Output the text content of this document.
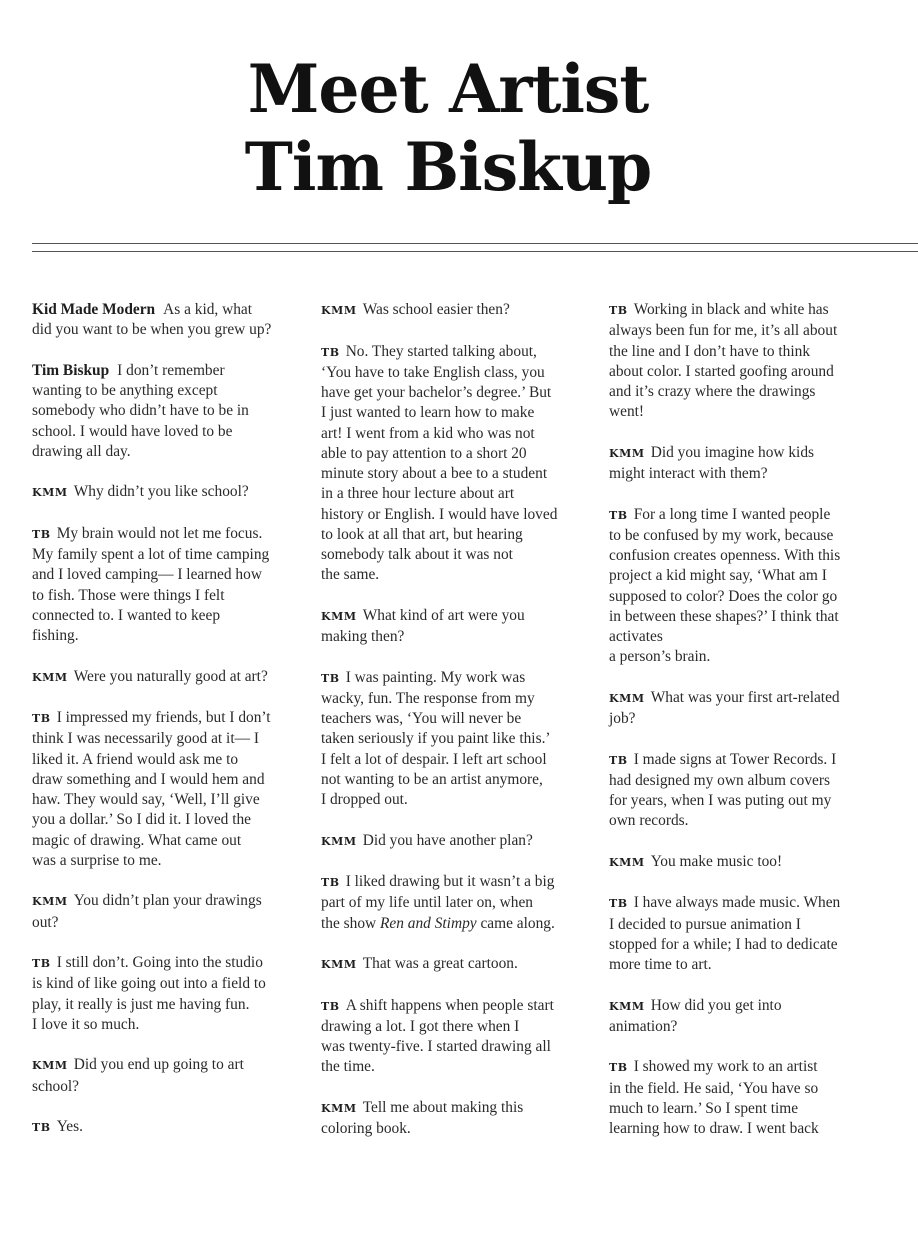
Meet Artist
Tim Biskup
Kid Made Modern As a kid, what
did you want to be when you grew up?
Tim Biskup I don’t remember
wanting to be anything except
somebody who didn’t have to be in
school. I would have loved to be
drawing all day.
KMM Why didn’t you like school?
TB My brain would not let me focus.
My family spent a lot of time camping
and I loved camping— I learned how
to fish. Those were things I felt
connected to. I wanted to keep
fishing.
KMM Were you naturally good at art?
TB I impressed my friends, but I don’t
think I was necessarily good at it— I
liked it. A friend would ask me to
draw something and I would hem and
haw. They would say, ‘Well, I’ll give
you a dollar.’ So I did it. I loved the
magic of drawing. What came out
was a surprise to me.
KMM You didn’t plan your drawings
out?
TB I still don’t. Going into the studio
is kind of like going out into a field to
play, it really is just me having fun.
I love it so much.
KMM Did you end up going to art
school?
TB Yes.
KMM Was school easier then?
TB No. They started talking about,
‘You have to take English class, you
have get your bachelor’s degree.’ But
I just wanted to learn how to make
art! I went from a kid who was not
able to pay attention to a short 20
minute story about a bee to a student
in a three hour lecture about art
history or English. I would have loved
to look at all that art, but hearing
somebody talk about it was not
the same.
KMM What kind of art were you
making then?
TB I was painting. My work was
wacky, fun. The response from my
teachers was, ‘You will never be
taken seriously if you paint like this.’
I felt a lot of despair. I left art school
not wanting to be an artist anymore,
I dropped out.
KMM Did you have another plan?
TB I liked drawing but it wasn’t a big
part of my life until later on, when
the show Ren and Stimpy came along.
KMM That was a great cartoon.
TB A shift happens when people start
drawing a lot. I got there when I
was twenty-five. I started drawing all
the time.
KMM Tell me about making this
coloring book.
TB Working in black and white has
always been fun for me, it’s all about
the line and I don’t have to think
about color. I started goofing around
and it’s crazy where the drawings
went!
KMM Did you imagine how kids
might interact with them?
TB For a long time I wanted people
to be confused by my work, because
confusion creates openness. With this
project a kid might say, ‘What am I
supposed to color? Does the color go
in between these shapes?’ I think that
activates
a person’s brain.
KMM What was your first art-related
job?
TB I made signs at Tower Records. I
had designed my own album covers
for years, when I was puting out my
own records.
KMM You make music too!
TB I have always made music. When
I decided to pursue animation I
stopped for a while; I had to dedicate
more time to art.
KMM How did you get into
animation?
TB I showed my work to an artist
in the field. He said, ‘You have so
much to learn.’ So I spent time
learning how to draw. I went back
